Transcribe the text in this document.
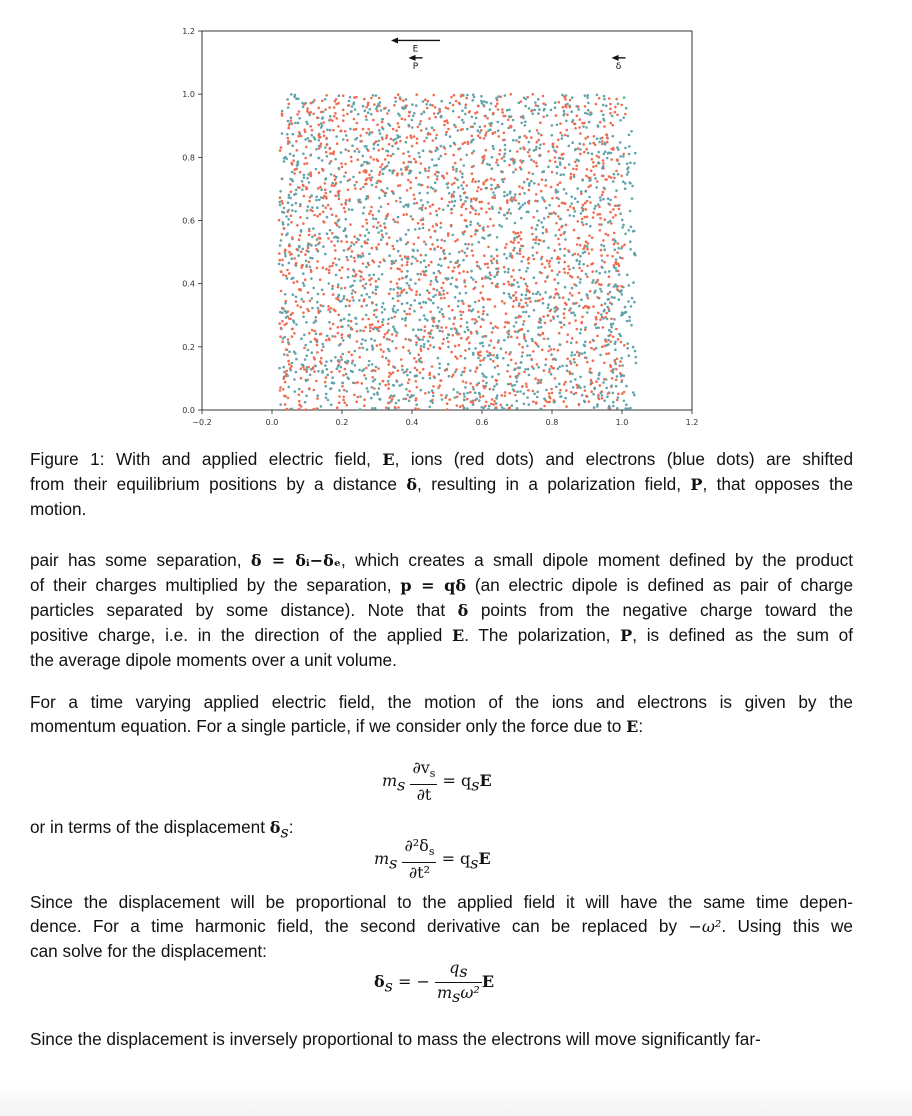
−0.2	0.0	0.2	0.4	0.6	0.8	1.0	1.2
0.0
0.2
0.4
0.6
0.8
1.0
1.2
E
P	δ
Figure 1: With and applied electric field, E, ions (red dots) and electrons (blue dots) are shifted
from their equilibrium positions by a distance δ, resulting in a polarization field, P, that opposes the
motion.
pair has some separation, δ = δᵢ−δₑ, which creates a small dipole moment defined by the product
of their charges multiplied by the separation, p = qδ (an electric dipole is defined as pair of charge
particles separated by some distance). Note that δ points from the negative charge toward the
positive charge, i.e. in the direction of the applied E. The polarization, P, is defined as the sum of
the average dipole moments over a unit volume.
For a time varying applied electric field, the motion of the ions and electrons is given by the
momentum equation. For a single particle, if we consider only the force due to E:
$m_s \frac{\partial v_s}{\partial t} = q_sE$
or in terms of the displacement $\delta_s$:
$m_s \frac{\partial^2\delta_s}{\text{∂t²}} = q_sE$
Since the displacement will be proportional to the applied field it will have the same time depen-
dence. For a time harmonic field, the second derivative can be replaced by −ω². Using this we
can solve for the displacement:
$\delta_s$ = − $\frac{q_s}{m_s\omega^2}$ E
Since the displacement is inversely proportional to mass the electrons will move significantly far-
